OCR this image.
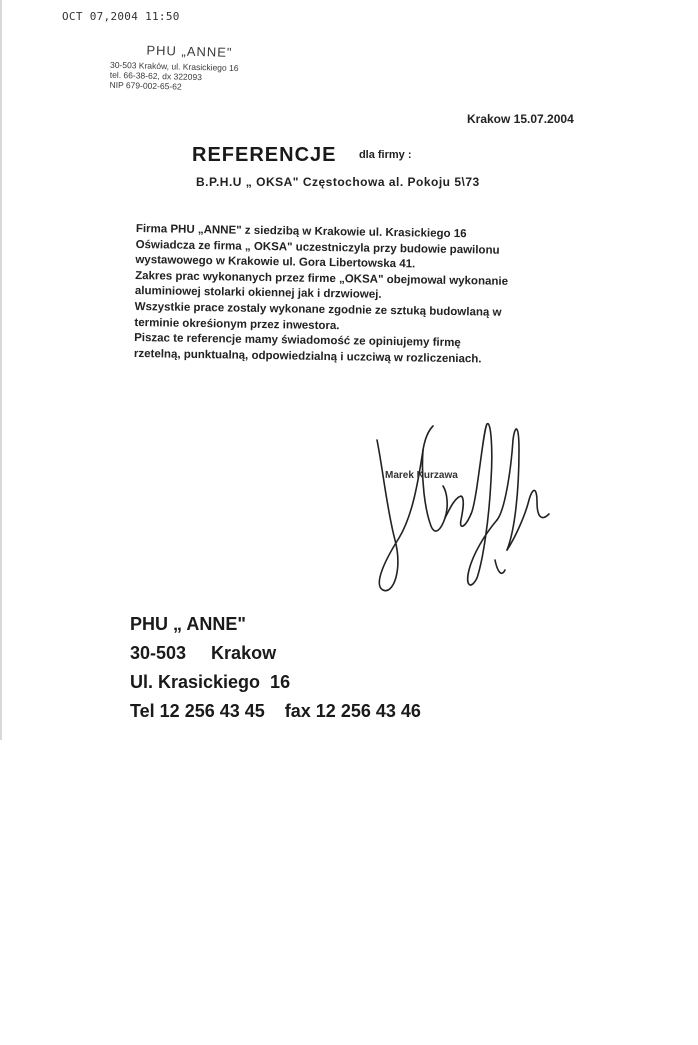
OCT 07,2004 11:50
PHU „ANNE"
30-503 Kraków, ul. Krasickiego 16
tel. 66-38-62, dx 322093
NIP 679-002-65-62
Krakow 15.07.2004
REFERENCJE dla firmy :
B.P.H.U „ OKSA" Częstochowa al. Pokoju 5\73
Firma PHU „ANNE" z siedzibą w Krakowie ul. Krasickiego 16
Oświadcza ze firma „ OKSA" uczestniczyla przy budowie pawilonu
wystawowego w Krakowie ul. Gora Libertowska 41.
Zakres prac wykonanych przez firme „OKSA" obejmowal wykonanie
aluminiowej stolarki okiennej jak i drzwiowej.
Wszystkie prace zostaly wykonane zgodnie ze sztuką budowlaną w
terminie okreśionym przez inwestora.
Piszac te referencje mamy świadomość ze opiniujemy firmę
rzetelną, punktualną, odpowiedzialną i uczciwą w rozliczeniach.
Marek Kurzawa
PHU „ ANNE"
30-503     Krakow
Ul. Krasickiego  16
Tel 12 256 43 45    fax 12 256 43 46
